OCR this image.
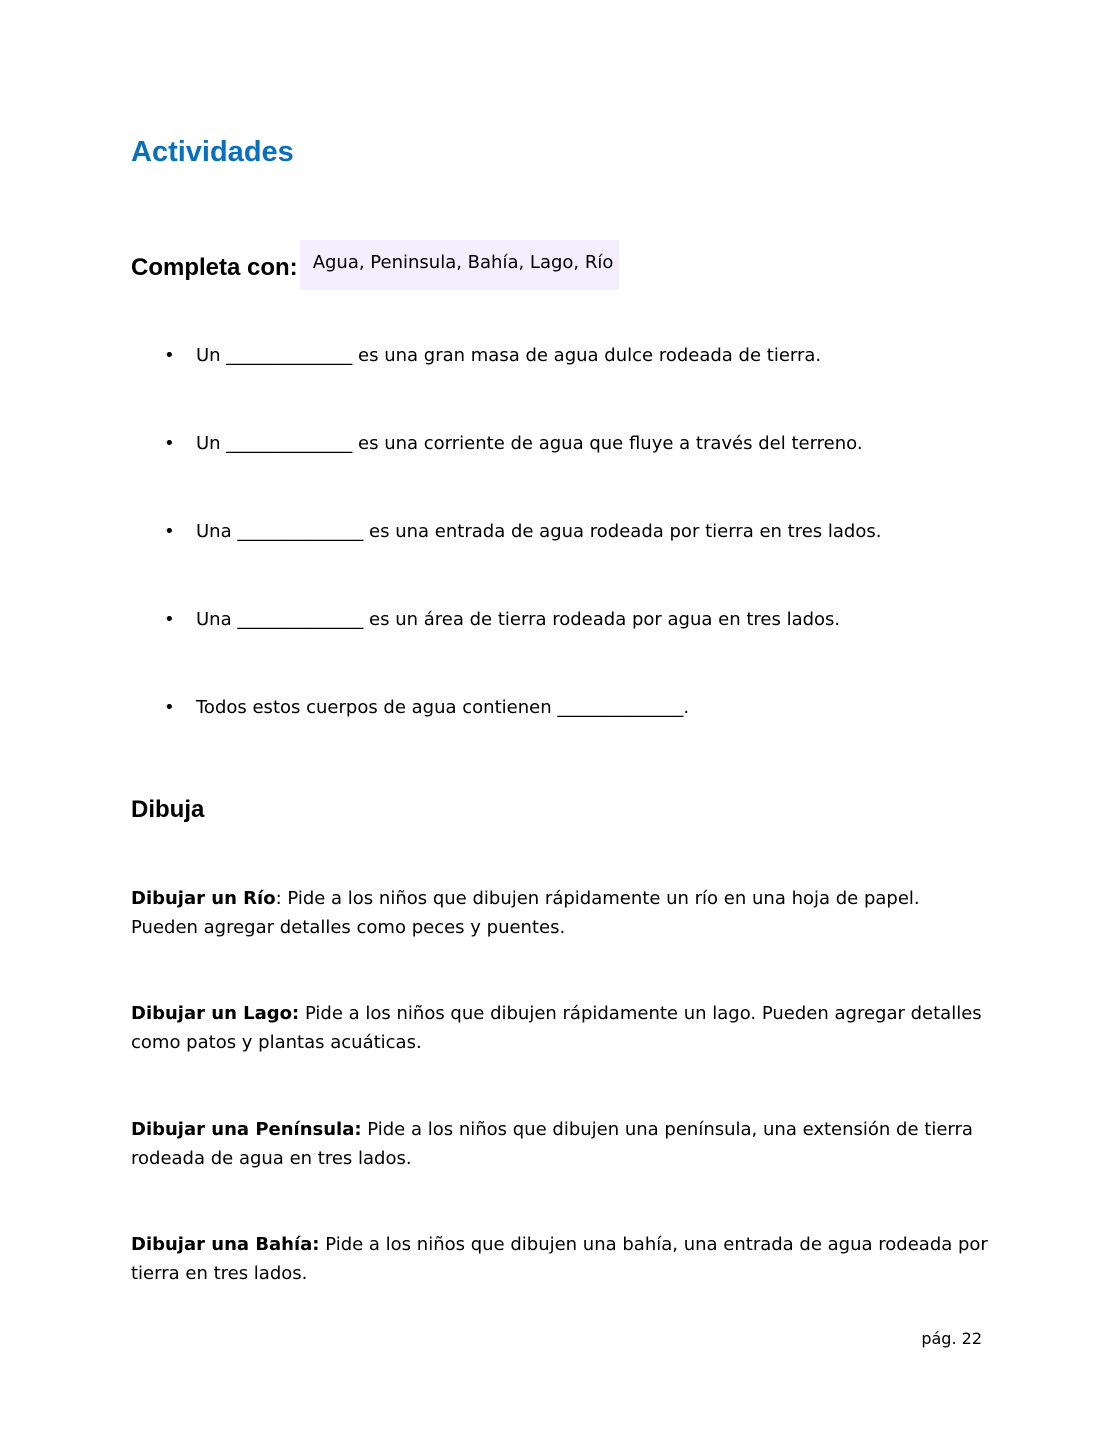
Actividades
Completa con: Agua, Peninsula, Bahía, Lago, Río
• Un ______________ es una gran masa de agua dulce rodeada de tierra.
• Un ______________ es una corriente de agua que fluye a través del terreno.
• Una ______________ es una entrada de agua rodeada por tierra en tres lados.
• Una ______________ es un área de tierra rodeada por agua en tres lados.
• Todos estos cuerpos de agua contienen ______________.
Dibuja

Dibujar un Río: Pide a los niños que dibujen rápidamente un río en una hoja de papel. Pueden agregar detalles como peces y puentes.

Dibujar un Lago: Pide a los niños que dibujen rápidamente un lago. Pueden agregar detalles como patos y plantas acuáticas.

Dibujar una Península: Pide a los niños que dibujen una península, una extensión de tierra rodeada de agua en tres lados.

Dibujar una Bahía: Pide a los niños que dibujen una bahía, una entrada de agua rodeada por tierra en tres lados.

pág. 22
